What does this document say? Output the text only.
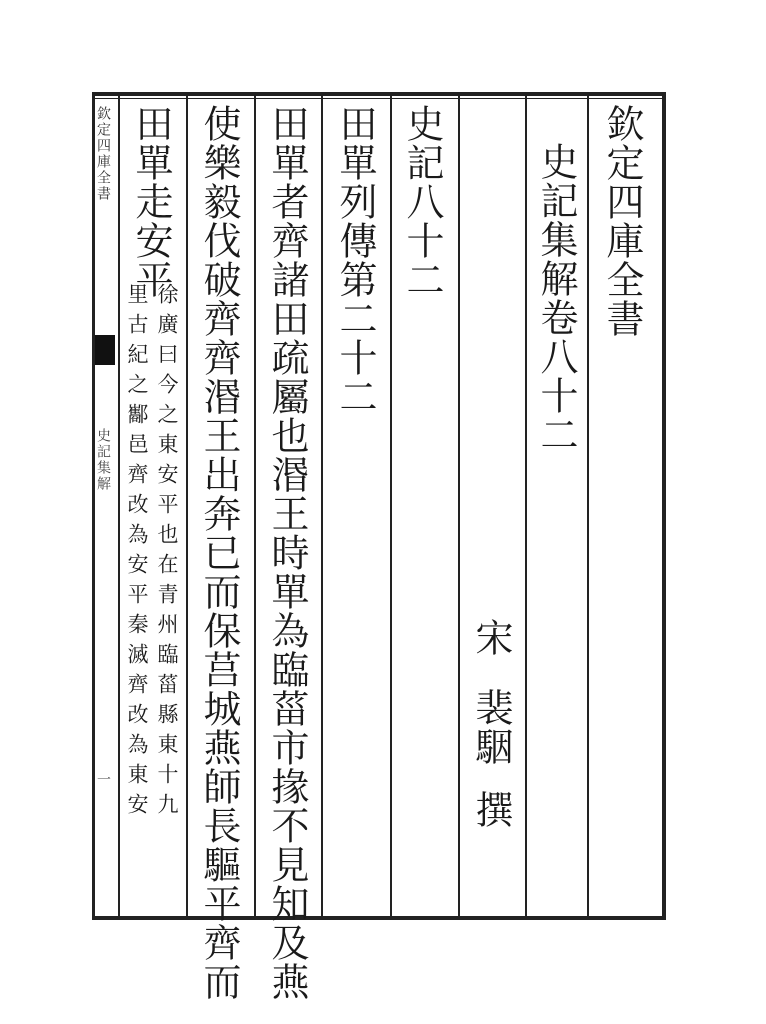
欽定四庫全書
史記集解
一
欽定四庫全書
史記集解卷八十二
宋
裴駰
撰
史記八十二
田單列傳第二十二
田單者齊諸田疏屬也湣王時單為臨菑市掾不見知及燕
使樂毅伐破齊齊湣王出奔已而保莒城燕師長驅平齊而
田單走安平
徐廣曰今之東安平也在青州臨菑縣東十九
里古紀之酅邑齊改為安平秦滅齊改為東安
